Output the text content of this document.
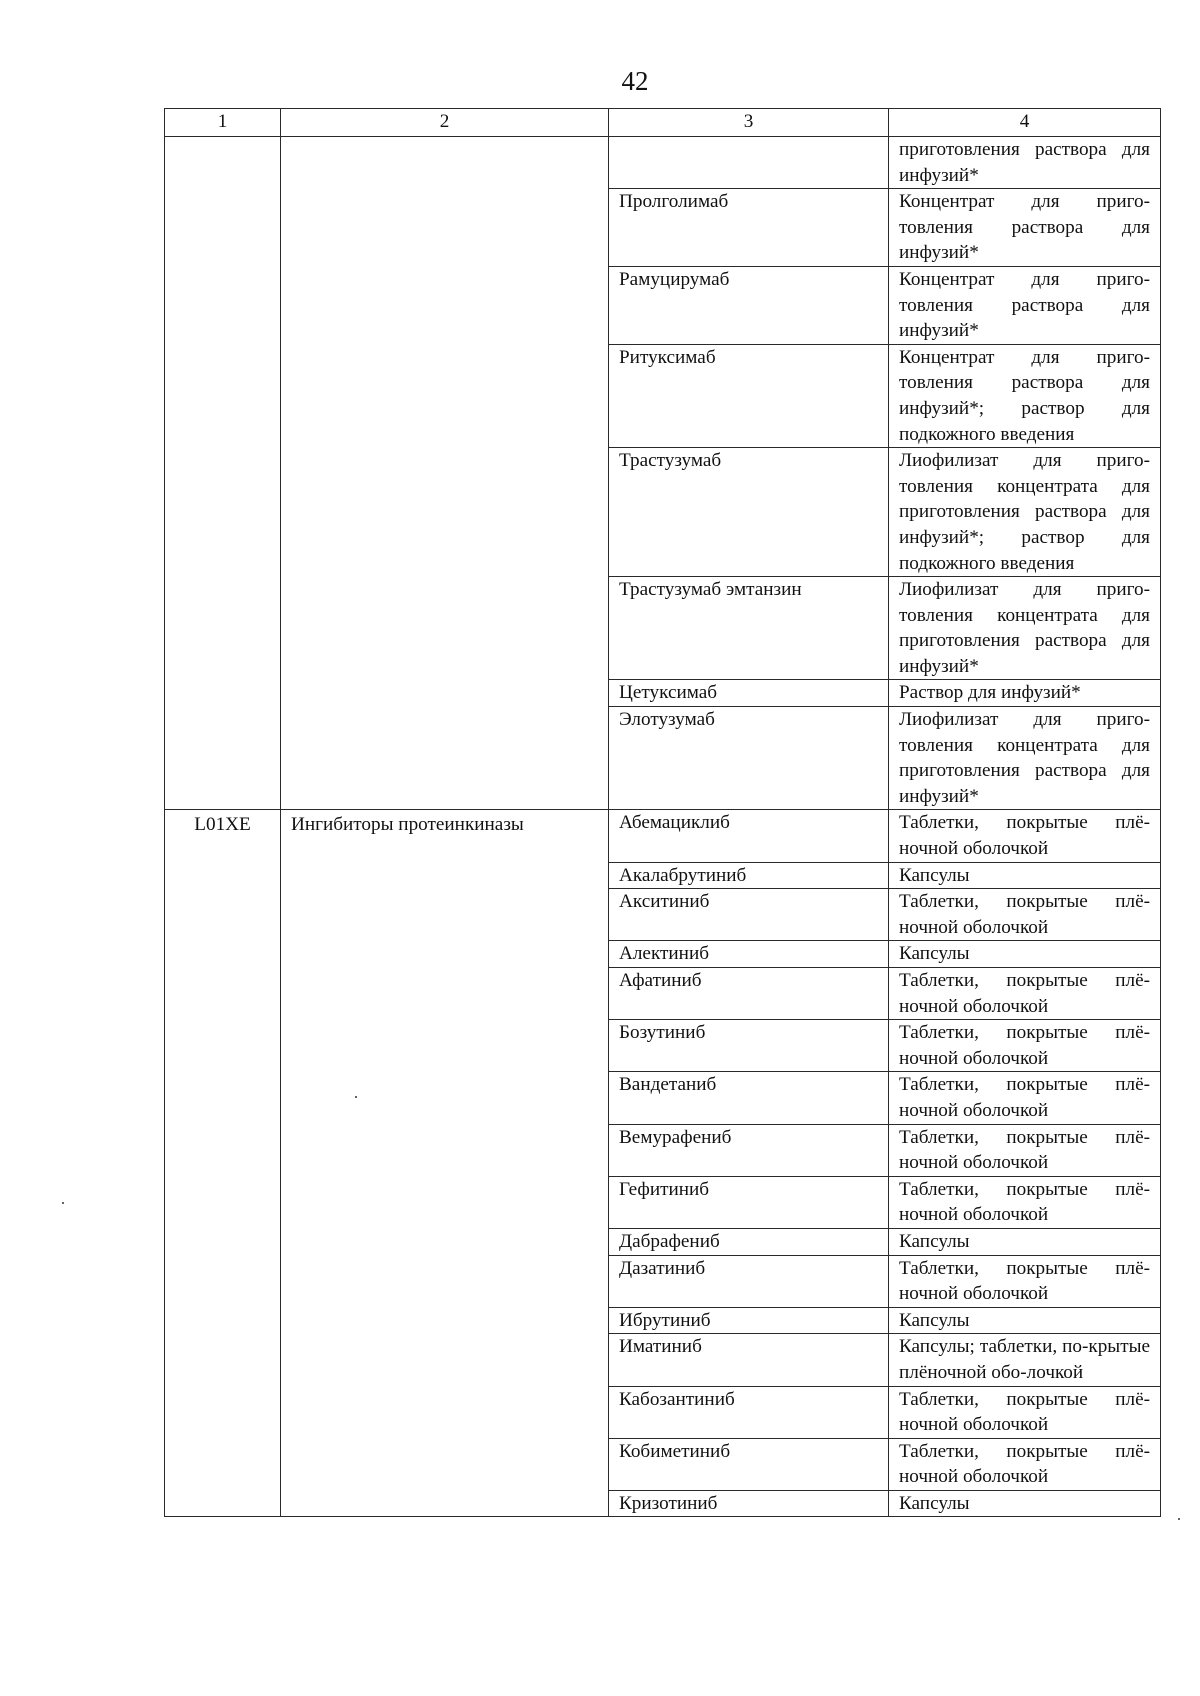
42
1	2	3	4
			приготовления раствора для инфузий*
		Пролголимаб	Концентрат для приго-товления раствора для инфузий*
		Рамуцирумаб	Концентрат для приго-товления раствора для инфузий*
		Ритуксимаб	Концентрат для приго-товления раствора для инфузий*; раствор для подкожного введения
		Трастузумаб	Лиофилизат для приго-товления концентрата для приготовления раствора для инфузий*; раствор для подкожного введения
		Трастузумаб эмтанзин	Лиофилизат для приго-товления концентрата для приготовления раствора для инфузий*
		Цетуксимаб	Раствор для инфузий*
		Элотузумаб	Лиофилизат для приго-товления концентрата для приготовления раствора для инфузий*
L01XE	Ингибиторы протеинкиназы	Абемациклиб	Таблетки, покрытые плё-ночной оболочкой
		Акалабрутиниб	Капсулы
		Акситиниб	Таблетки, покрытые плё-ночной оболочкой
		Алектиниб	Капсулы
		Афатиниб	Таблетки, покрытые плё-ночной оболочкой
		Бозутиниб	Таблетки, покрытые плё-ночной оболочкой
		Вандетаниб	Таблетки, покрытые плё-ночной оболочкой
		Вемурафениб	Таблетки, покрытые плё-ночной оболочкой
		Гефитиниб	Таблетки, покрытые плё-ночной оболочкой
		Дабрафениб	Капсулы
		Дазатиниб	Таблетки, покрытые плё-ночной оболочкой
		Ибрутиниб	Капсулы
		Иматиниб	Капсулы; таблетки, по-крытые плёночной обо-лочкой
		Кабозантиниб	Таблетки, покрытые плё-ночной оболочкой
		Кобиметиниб	Таблетки, покрытые плё-ночной оболочкой
		Кризотиниб	Капсулы
